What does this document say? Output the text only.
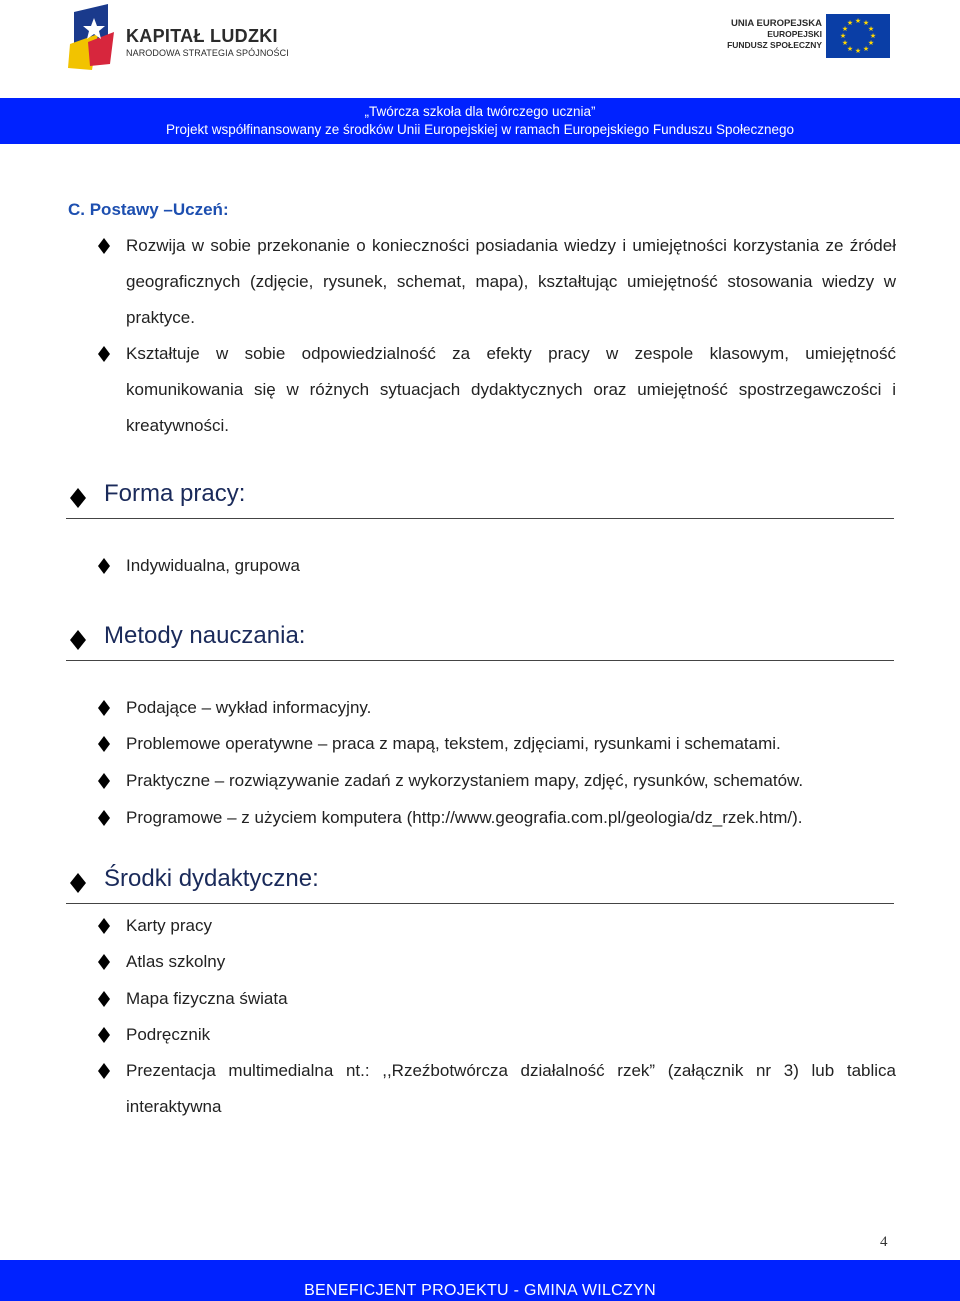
KAPITAŁ LUDZKI
NARODOWA STRATEGIA SPÓJNOŚCI
UNIA EUROPEJSKA
EUROPEJSKI
FUNDUSZ SPOŁECZNY
★ ★
★
★
★
★
★
★
★
★
★
★
„Twórcza szkoła dla twórczego ucznia”
Projekt współfinansowany ze środków Unii Europejskiej w ramach Europejskiego Funduszu Społecznego
C. Postawy –Uczeń:
Rozwija w sobie przekonanie o konieczności posiadania wiedzy i umiejętności korzystania ze źródeł geograficznych (zdjęcie, rysunek, schemat, mapa), kształtując umiejętność stosowania wiedzy w praktyce.
Kształtuje w sobie odpowiedzialność za efekty pracy w zespole klasowym, umiejętność komunikowania się w różnych sytuacjach dydaktycznych oraz umiejętność spostrzegawczości i kreatywności.
Forma pracy:
Indywidualna, grupowa
Metody nauczania:
Podające – wykład informacyjny.
Problemowe operatywne – praca z mapą, tekstem, zdjęciami, rysunkami i schematami.
Praktyczne – rozwiązywanie zadań z wykorzystaniem mapy, zdjęć, rysunków, schematów.
Programowe – z użyciem komputera (http://www.geografia.com.pl/geologia/dz_rzek.htm/).
Środki dydaktyczne:
Karty pracy
Atlas szkolny
Mapa fizyczna świata
Podręcznik
Prezentacja multimedialna nt.: ,,Rzeźbotwórcza działalność rzek” (załącznik nr 3) lub tablica interaktywna
4
BENEFICJENT PROJEKTU - GMINA WILCZYN
